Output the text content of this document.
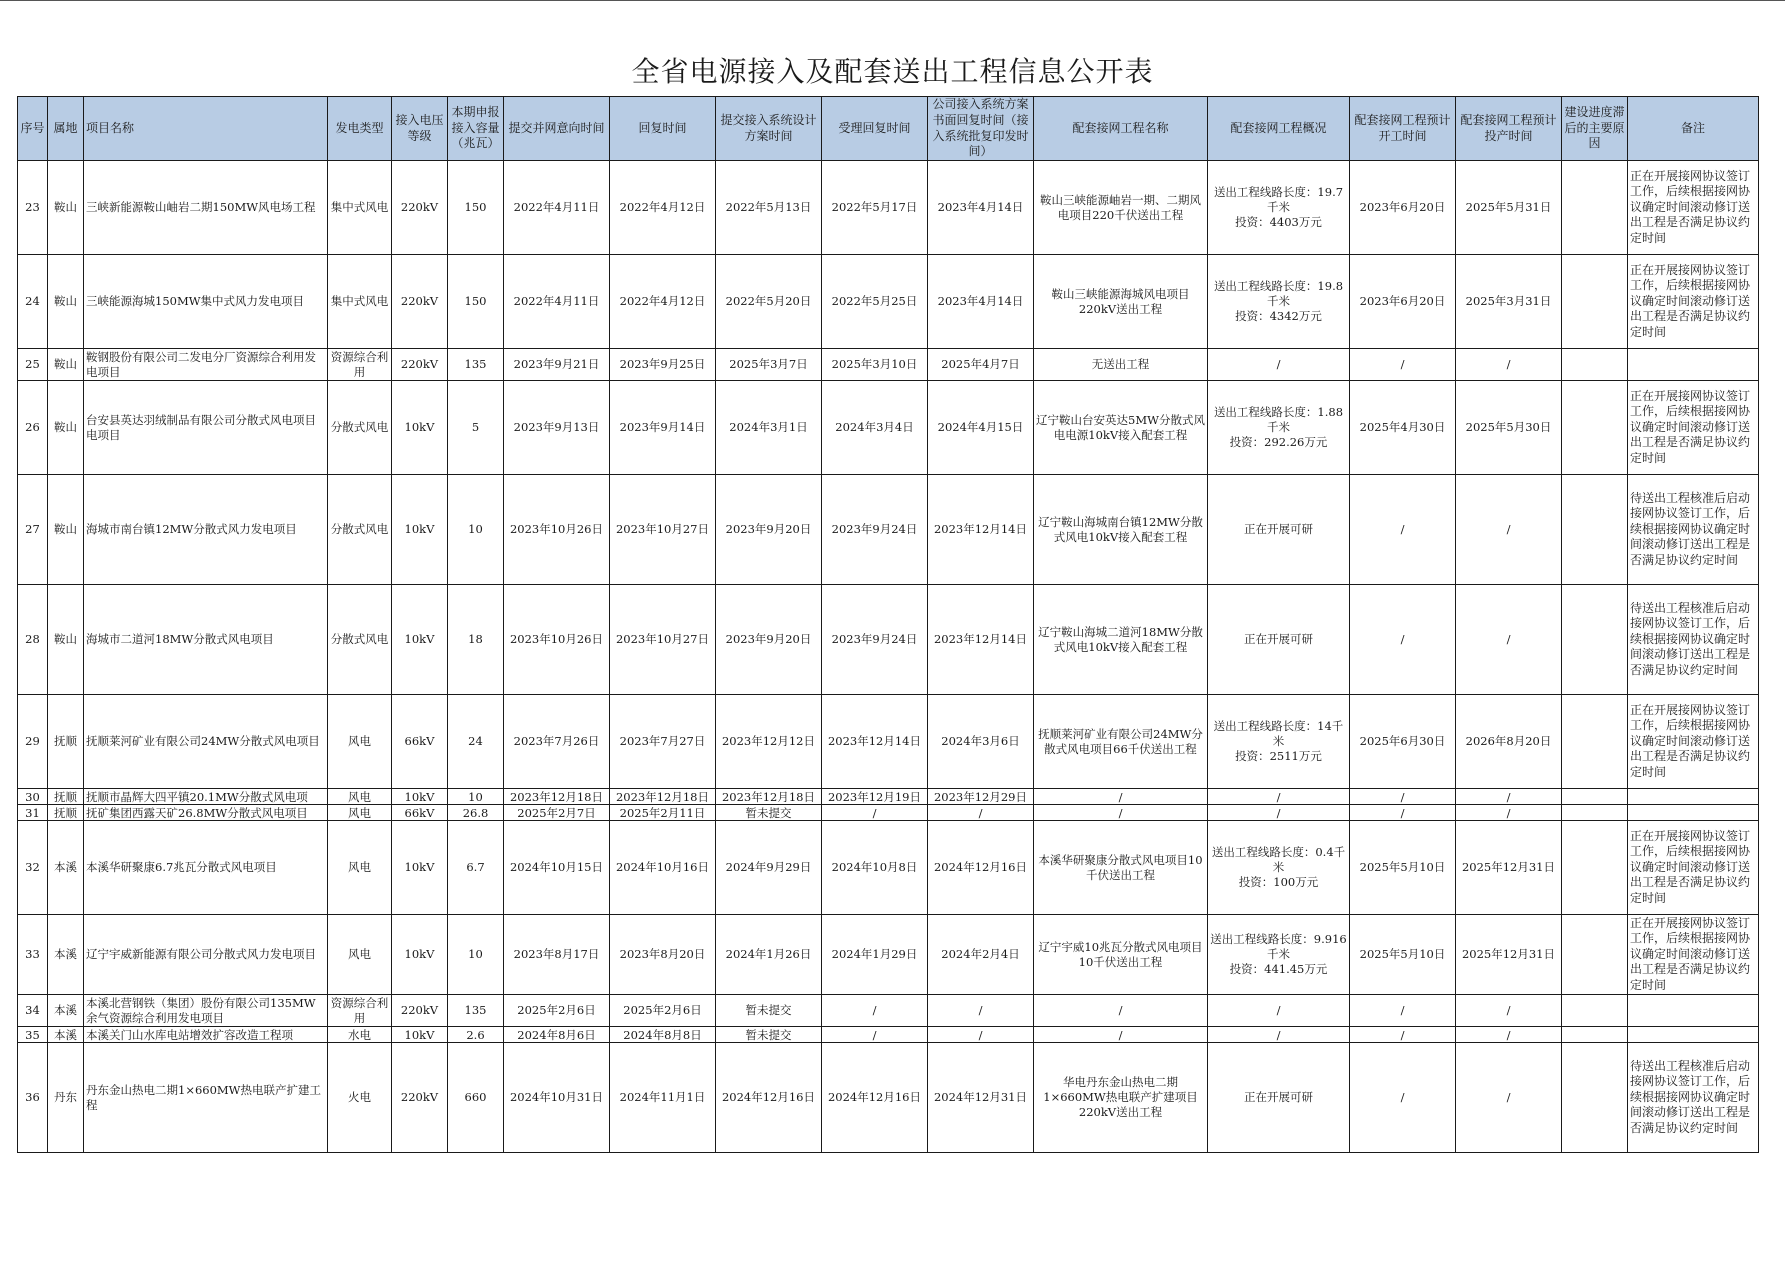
全省电源接入及配套送出工程信息公开表
序号	属地	项目名称	发电类型	接入电压等级	本期申报接入容量（兆瓦）	提交并网意向时间	回复时间	提交接入系统设计方案时间	受理回复时间	公司接入系统方案书面回复时间（接入系统批复印发时间）	配套接网工程名称	配套接网工程概况	配套接网工程预计开工时间	配套接网工程预计投产时间	建设进度滞后的主要原因	备注
23	鞍山	三峡新能源鞍山岫岩二期150MW风电场工程	集中式风电	220kV	150	2022年4月11日	2022年4月12日	2022年5月13日	2022年5月17日	2023年4月14日	鞍山三峡能源岫岩一期、二期风电项目220千伏送出工程	送出工程线路长度：19.7千米
投资：4403万元	2023年6月20日	2025年5月31日		正在开展接网协议签订工作，后续根据接网协议确定时间滚动修订送出工程是否满足协议约定时间
24	鞍山	三峡能源海城150MW集中式风力发电项目	集中式风电	220kV	150	2022年4月11日	2022年4月12日	2022年5月20日	2022年5月25日	2023年4月14日	鞍山三峡能源海城风电项目220kV送出工程	送出工程线路长度：19.8千米
投资：4342万元	2023年6月20日	2025年3月31日		正在开展接网协议签订工作，后续根据接网协议确定时间滚动修订送出工程是否满足协议约定时间
25	鞍山	鞍钢股份有限公司二发电分厂资源综合利用发电项目	资源综合利用	220kV	135	2023年9月21日	2023年9月25日	2025年3月7日	2025年3月10日	2025年4月7日	无送出工程	/	/	/		
26	鞍山	台安县英达羽绒制品有限公司分散式风电项目电项目	分散式风电	10kV	5	2023年9月13日	2023年9月14日	2024年3月1日	2024年3月4日	2024年4月15日	辽宁鞍山台安英达5MW分散式风电电源10kV接入配套工程	送出工程线路长度：1.88千米
投资：292.26万元	2025年4月30日	2025年5月30日		正在开展接网协议签订工作，后续根据接网协议确定时间滚动修订送出工程是否满足协议约定时间
27	鞍山	海城市南台镇12MW分散式风力发电项目	分散式风电	10kV	10	2023年10月26日	2023年10月27日	2023年9月20日	2023年9月24日	2023年12月14日	辽宁鞍山海城南台镇12MW分散式风电10kV接入配套工程	正在开展可研	/	/		待送出工程核准后启动接网协议签订工作，后续根据接网协议确定时间滚动修订送出工程是否满足协议约定时间
28	鞍山	海城市二道河18MW分散式风电项目	分散式风电	10kV	18	2023年10月26日	2023年10月27日	2023年9月20日	2023年9月24日	2023年12月14日	辽宁鞍山海城二道河18MW分散式风电10kV接入配套工程	正在开展可研	/	/		待送出工程核准后启动接网协议签订工作，后续根据接网协议确定时间滚动修订送出工程是否满足协议约定时间
29	抚顺	抚顺莱河矿业有限公司24MW分散式风电项目	风电	66kV	24	2023年7月26日	2023年7月27日	2023年12月12日	2023年12月14日	2024年3月6日	抚顺莱河矿业有限公司24MW分散式风电项目66千伏送出工程	送出工程线路长度：14千米
投资：2511万元	2025年6月30日	2026年8月20日		正在开展接网协议签订工作，后续根据接网协议确定时间滚动修订送出工程是否满足协议约定时间
30	抚顺	抚顺市晶辉大四平镇20.1MW分散式风电项	风电	10kV	10	2023年12月18日	2023年12月18日	2023年12月18日	2023年12月19日	2023年12月29日	/	/	/	/		
31	抚顺	抚矿集团西露天矿26.8MW分散式风电项目	风电	66kV	26.8	2025年2月7日	2025年2月11日	暂未提交	/	/	/	/	/	/		
32	本溪	本溪华研聚康6.7兆瓦分散式风电项目	风电	10kV	6.7	2024年10月15日	2024年10月16日	2024年9月29日	2024年10月8日	2024年12月16日	本溪华研聚康分散式风电项目10千伏送出工程	送出工程线路长度：0.4千米
投资：100万元	2025年5月10日	2025年12月31日		正在开展接网协议签订工作，后续根据接网协议确定时间滚动修订送出工程是否满足协议约定时间
33	本溪	辽宁宇威新能源有限公司分散式风力发电项目	风电	10kV	10	2023年8月17日	2023年8月20日	2024年1月26日	2024年1月29日	2024年2月4日	辽宁宇威10兆瓦分散式风电项目10千伏送出工程	送出工程线路长度：9.916千米
投资：441.45万元	2025年5月10日	2025年12月31日		正在开展接网协议签订工作，后续根据接网协议确定时间滚动修订送出工程是否满足协议约定时间
34	本溪	本溪北营钢铁（集团）股份有限公司135MW余气资源综合利用发电项目	资源综合利用	220kV	135	2025年2月6日	2025年2月6日	暂未提交	/	/	/	/	/	/		
35	本溪	本溪关门山水库电站增效扩容改造工程项	水电	10kV	2.6	2024年8月6日	2024年8月8日	暂未提交	/	/	/	/	/	/		
36	丹东	丹东金山热电二期1×660MW热电联产扩建工程	火电	220kV	660	2024年10月31日	2024年11月1日	2024年12月16日	2024年12月16日	2024年12月31日	华电丹东金山热电二期1×660MW热电联产扩建项目220kV送出工程	正在开展可研	/	/		待送出工程核准后启动接网协议签订工作，后续根据接网协议确定时间滚动修订送出工程是否满足协议约定时间
